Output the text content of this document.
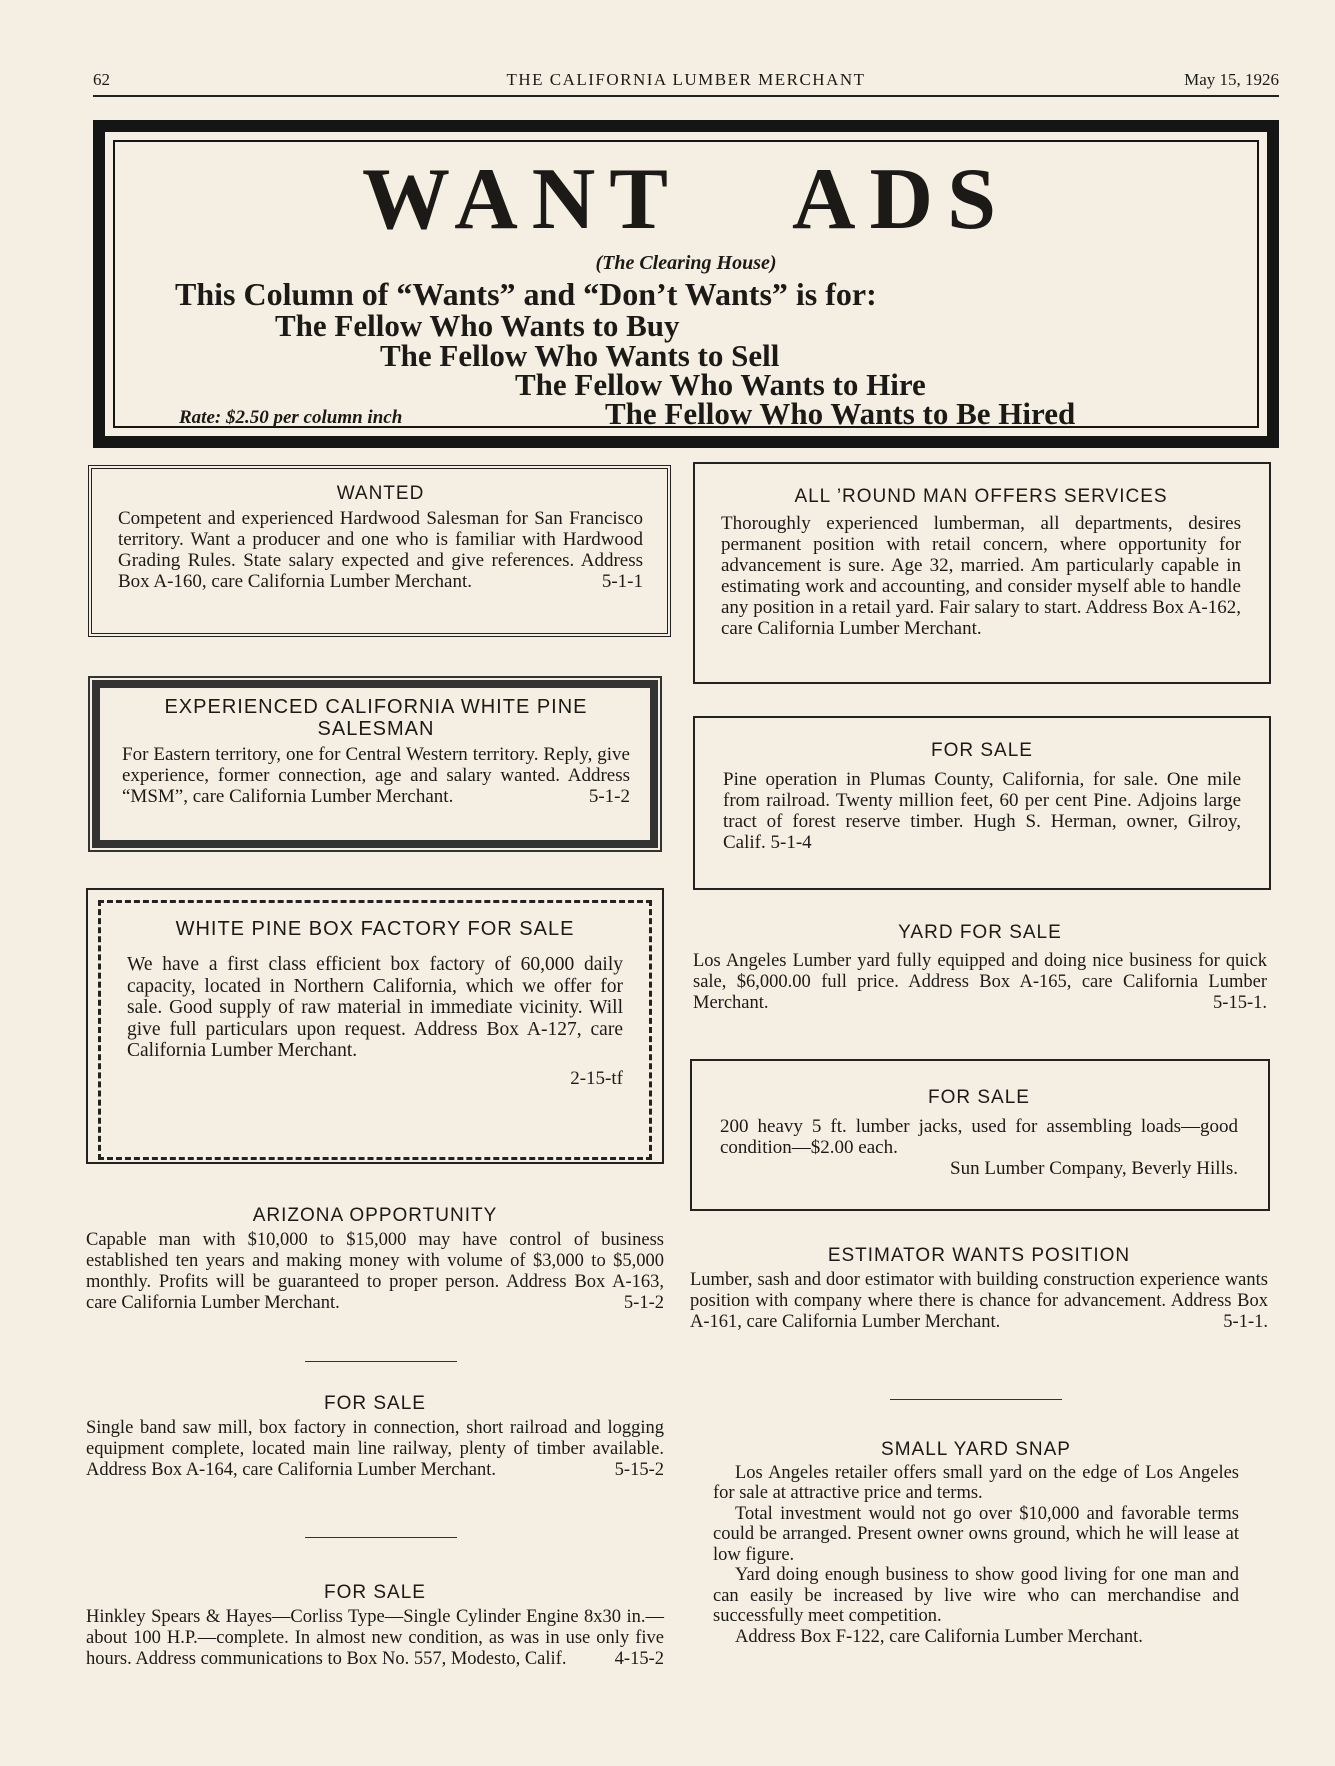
62	THE CALIFORNIA LUMBER MERCHANT	May 15, 1926
WANT ADS
(The Clearing House)
This Column of “Wants” and “Don’t Wants” is for:
The Fellow Who Wants to Buy
The Fellow Who Wants to Sell
The Fellow Who Wants to Hire
The Fellow Who Wants to Be Hired
Rate: $2.50 per column inch
WANTED
Competent and experienced Hardwood Salesman for San Francisco territory. Want a producer and one who is familiar with Hardwood Grading Rules. State salary expected and give references. Address Box A-160, care California Lumber Merchant.	5-1-1
EXPERIENCED CALIFORNIA WHITE PINE SALESMAN
For Eastern territory, one for Central Western territory. Reply, give experience, former connection, age and salary wanted. Address “MSM”, care California Lumber Merchant.	5-1-2
WHITE PINE BOX FACTORY FOR SALE
We have a first class efficient box factory of 60,000 daily capacity, located in Northern California, which we offer for sale. Good supply of raw material in immediate vicinity. Will give full particulars upon request. Address Box A-127, care California Lumber Merchant.
2-15-tf
ARIZONA OPPORTUNITY
Capable man with $10,000 to $15,000 may have control of business established ten years and making money with volume of $3,000 to $5,000 monthly. Profits will be guaranteed to proper person. Address Box A-163, care California Lumber Merchant.	5-1-2
FOR SALE
Single band saw mill, box factory in connection, short railroad and logging equipment complete, located main line railway, plenty of timber available. Address Box A-164, care California Lumber Merchant.	5-15-2
FOR SALE
Hinkley Spears & Hayes—Corliss Type—Single Cylinder Engine 8x30 in.—about 100 H.P.—complete. In almost new condition, as was in use only five hours. Address communications to Box No. 557, Modesto, Calif.	4-15-2
ALL ’ROUND MAN OFFERS SERVICES
Thoroughly experienced lumberman, all departments, desires permanent position with retail concern, where opportunity for advancement is sure. Age 32, married. Am particularly capable in estimating work and accounting, and consider myself able to handle any position in a retail yard. Fair salary to start. Address Box A-162, care California Lumber Merchant.
FOR SALE
Pine operation in Plumas County, California, for sale. One mile from railroad. Twenty million feet, 60 per cent Pine. Adjoins large tract of forest reserve timber. Hugh S. Herman, owner, Gilroy, Calif. 5-1-4
YARD FOR SALE
Los Angeles Lumber yard fully equipped and doing nice business for quick sale, $6,000.00 full price. Address Box A-165, care California Lumber Merchant.	5-15-1.
FOR SALE
200 heavy 5 ft. lumber jacks, used for assembling loads—good condition—$2.00 each.
Sun Lumber Company, Beverly Hills.
ESTIMATOR WANTS POSITION
Lumber, sash and door estimator with building construction experience wants position with company where there is chance for advancement. Address Box A-161, care California Lumber Merchant.	5-1-1.
SMALL YARD SNAP
Los Angeles retailer offers small yard on the edge of Los Angeles for sale at attractive price and terms.
Total investment would not go over $10,000 and favorable terms could be arranged. Present owner owns ground, which he will lease at low figure.
Yard doing enough business to show good living for one man and can easily be increased by live wire who can merchandise and successfully meet competition.
Address Box F-122, care California Lumber Merchant.
